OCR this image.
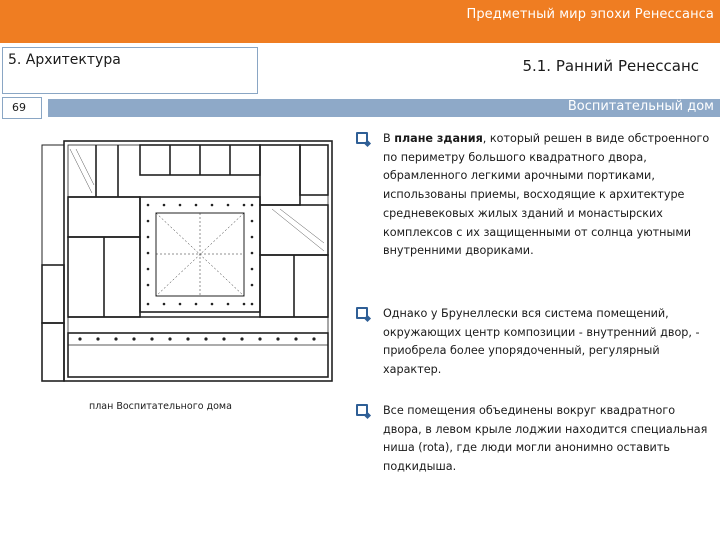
Предметный мир эпохи Ренессанса
5. Архитектура	5.1. Ранний Ренессанс
69	Воспитательный дом
план Воспитательного дома

В плане здания, который решен в виде обстроенного по периметру большого квадратного двора, обрамленного легкими арочными портиками, использованы приемы, восходящие к архитектуре средневековых жилых зданий и монастырских комплексов с их защищенными от солнца уютными внутренними двориками.

Однако у Брунеллески вся система помещений, окружающих центр композиции - внутренний двор, - приобрела более упорядоченный, регулярный характер.

Все помещения объединены вокруг квадратного двора, в левом крыле лоджии находится специальная ниша (rota), где люди могли анонимно оставить подкидыша.
